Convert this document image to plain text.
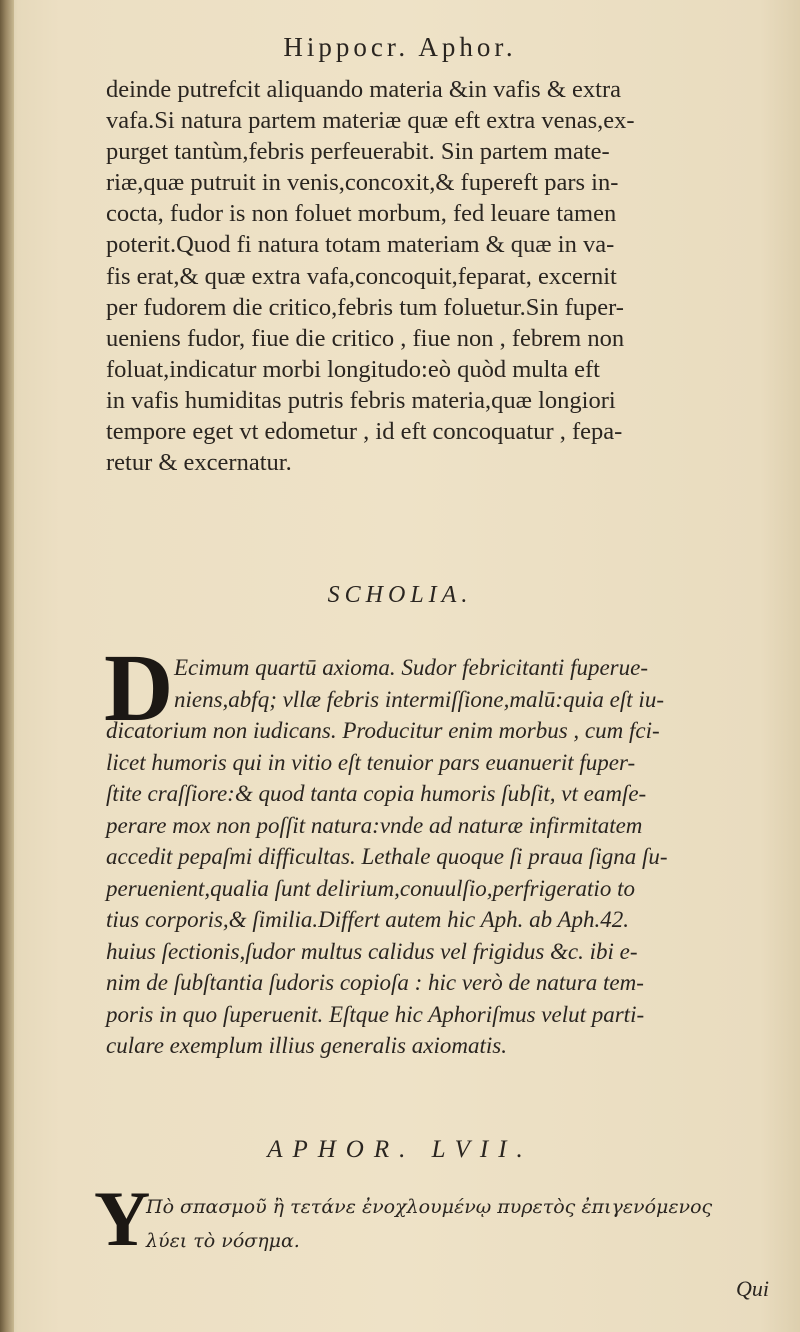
Hippocr. Aphor.
deinde putrefcit aliquando materia &in vafis & extra
vafa.Si natura partem materiæ quæ eft extra venas,ex-
purget tantùm,febris perfeuerabit. Sin partem mate-
riæ,quæ putruit in venis,concoxit,& fupereft pars in-
cocta, fudor is non foluet morbum, fed leuare tamen
poterit.Quod fi natura totam materiam & quæ in va-
fis erat,& quæ extra vafa,concoquit,feparat, excernit
per fudorem die critico,febris tum foluetur.Sin fuper-
ueniens fudor, fiue die critico , fiue non , febrem non
foluat,indicatur morbi longitudo:eò quòd multa eft
in vafis humiditas putris febris materia,quæ longiori
tempore eget vt edometur , id eft concoquatur , fepa-
retur & excernatur.
SCHOLIA.
D Ecimum quartū axioma. Sudor febricitanti fuperue-
niens,abfq; vllæ febris intermiſſione,malū:quia eſt iu-
dicatorium non iudicans. Producitur enim morbus , cum fci-
licet humoris qui in vitio eſt tenuior pars euanuerit fuper-
ſtite craſſiore:& quod tanta copia humoris ſubſit, vt eamſe-
perare mox non poſſit natura:vnde ad naturæ infirmitatem
accedit pepaſmi difficultas. Lethale quoque ſi praua ſigna ſu-
peruenient,qualia ſunt delirium,conuulſio,perfrigeratio to
tius corporis,& ſimilia.Differt autem hic Aph. ab Aph.42.
huius ſectionis,ſudor multus calidus vel frigidus &c. ibi e-
nim de ſubſtantia ſudoris copioſa : hic verò de natura tem-
poris in quo ſuperuenit. Eſtque hic Aphoriſmus velut parti-
culare exemplum illius generalis axiomatis.
APHOR. LVII.
Y
Πὸ σπασμοῦ ἢ τετάνε ἐνοχλουμένῳ πυρετὸς ἐπιγενόμενος
λύει τὸ νόσημα.
Qui
